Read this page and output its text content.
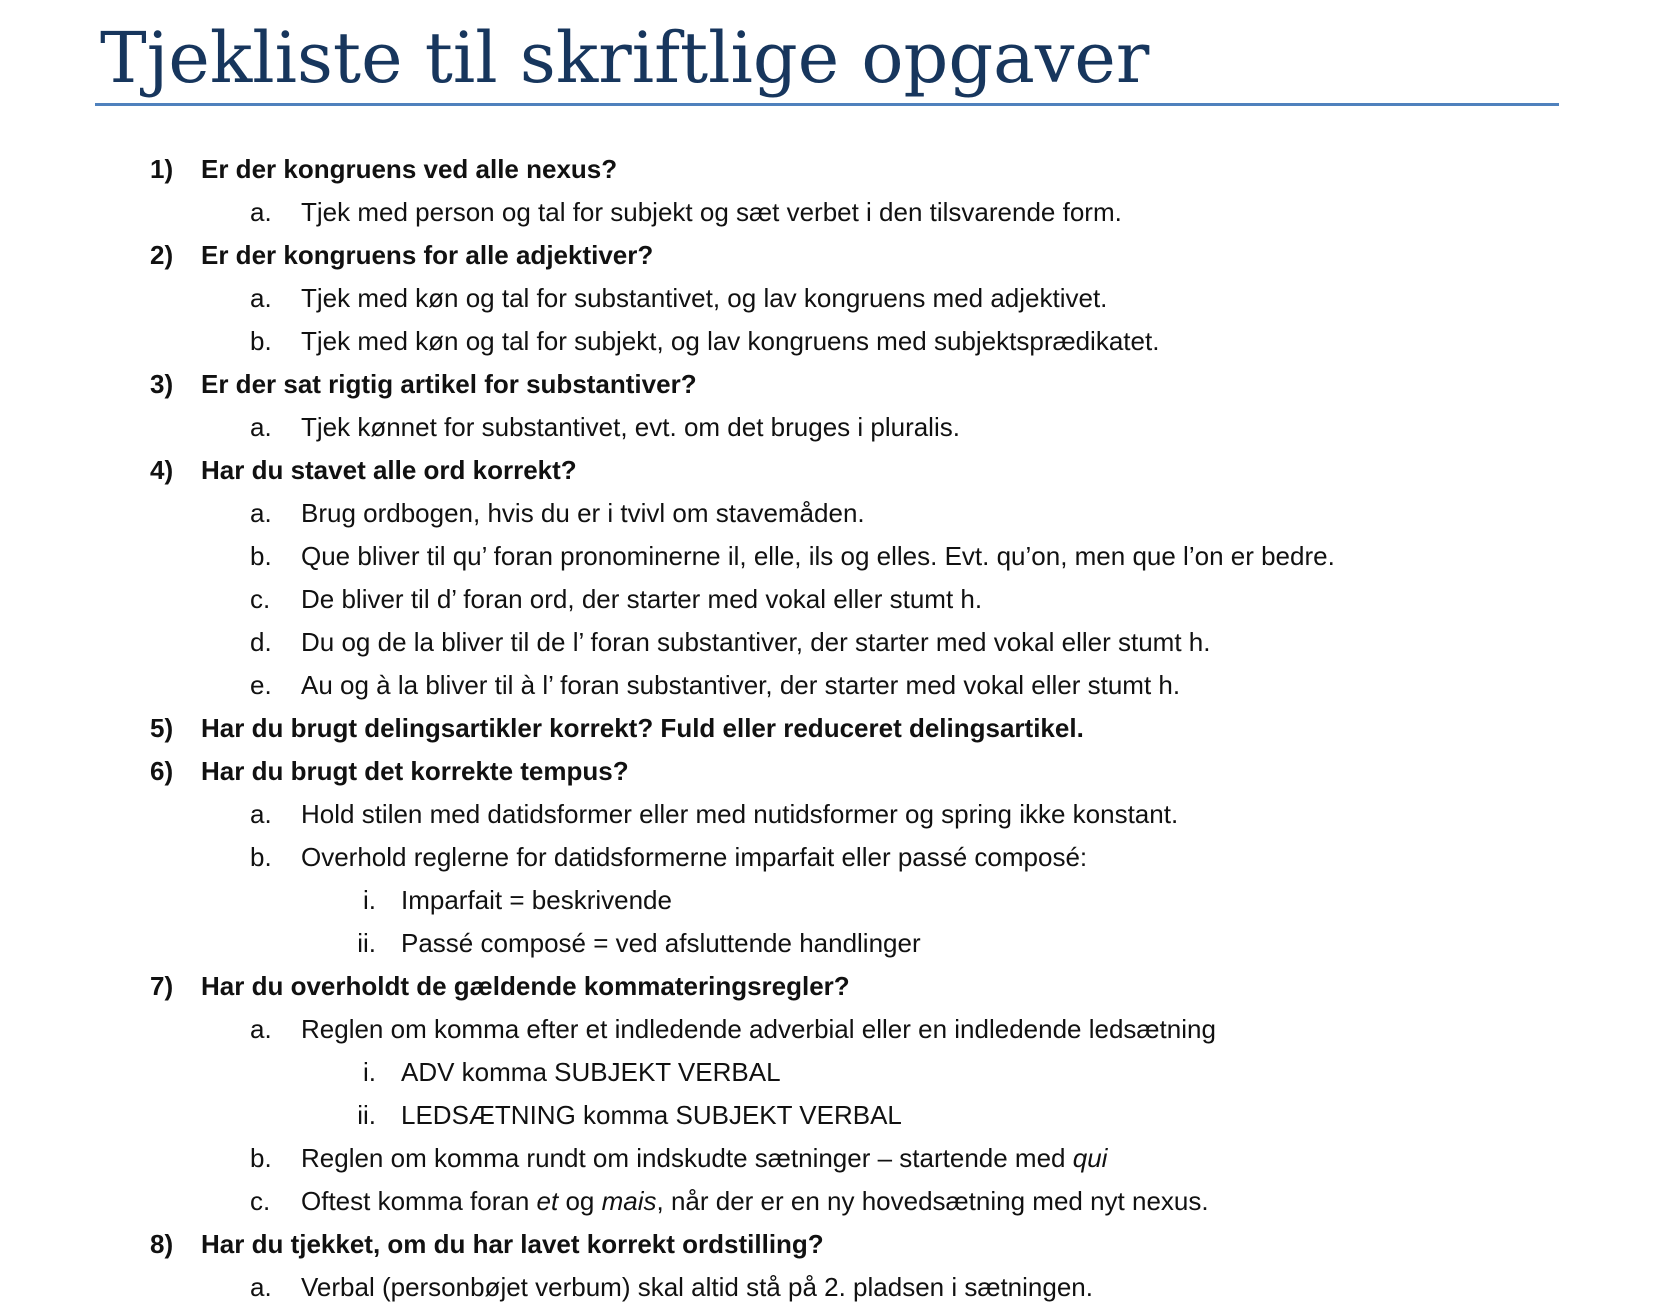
Tjekliste til skriftlige opgaver
1) Er der kongruens ved alle nexus?
a. Tjek med person og tal for subjekt og sæt verbet i den tilsvarende form.
2) Er der kongruens for alle adjektiver?
a. Tjek med køn og tal for substantivet, og lav kongruens med adjektivet.
b. Tjek med køn og tal for subjekt, og lav kongruens med subjektsprædikatet.
3) Er der sat rigtig artikel for substantiver?
a. Tjek kønnet for substantivet, evt. om det bruges i pluralis.
4) Har du stavet alle ord korrekt?
a. Brug ordbogen, hvis du er i tvivl om stavemåden.
b. Que bliver til qu’ foran pronominerne il, elle, ils og elles. Evt. qu’on, men que l’on er bedre.
c. De bliver til d’ foran ord, der starter med vokal eller stumt h.
d. Du og de la bliver til de l’ foran substantiver, der starter med vokal eller stumt h.
e. Au og à la bliver til à l’ foran substantiver, der starter med vokal eller stumt h.
5) Har du brugt delingsartikler korrekt? Fuld eller reduceret delingsartikel.
6) Har du brugt det korrekte tempus?
a. Hold stilen med datidsformer eller med nutidsformer og spring ikke konstant.
b. Overhold reglerne for datidsformerne imparfait eller passé composé:
i. Imparfait = beskrivende
ii. Passé composé = ved afsluttende handlinger
7) Har du overholdt de gældende kommateringsregler?
a. Reglen om komma efter et indledende adverbial eller en indledende ledsætning
i. ADV komma SUBJEKT VERBAL
ii. LEDSÆTNING komma SUBJEKT VERBAL
b. Reglen om komma rundt om indskudte sætninger – startende med qui
c. Oftest komma foran et og mais, når der er en ny hovedsætning med nyt nexus.
8) Har du tjekket, om du har lavet korrekt ordstilling?
a. Verbal (personbøjet verbum) skal altid stå på 2. pladsen i sætningen.
